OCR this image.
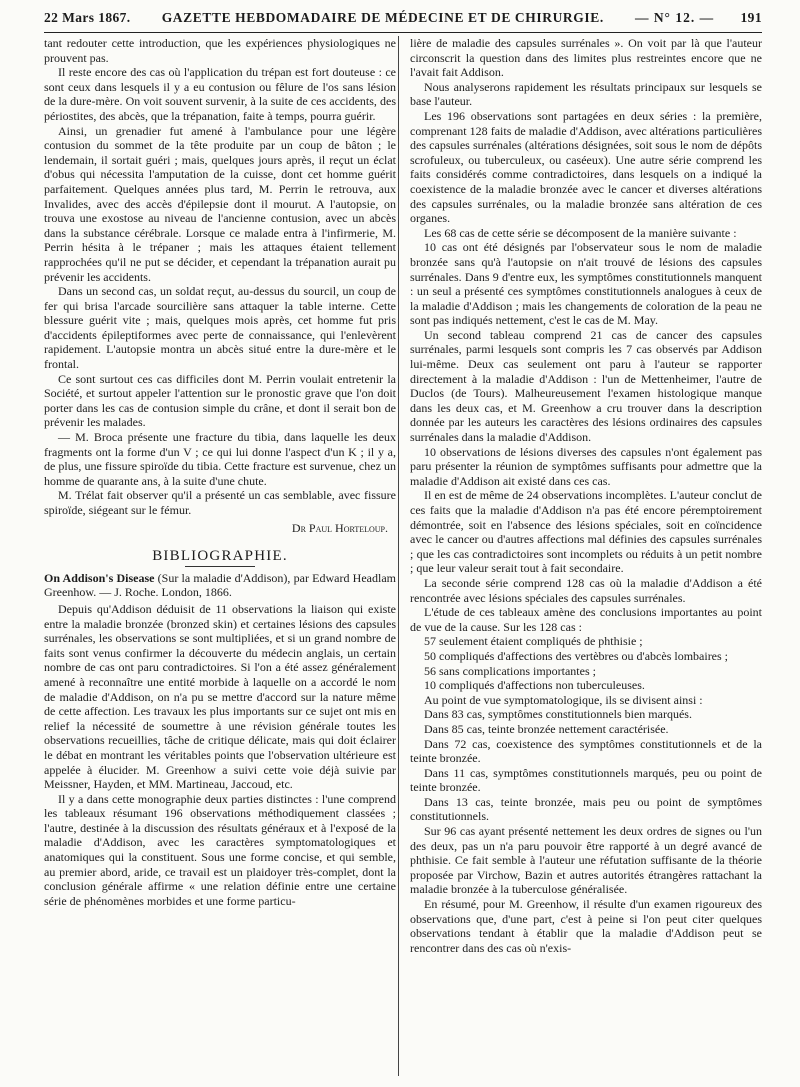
22 Mars 1867. GAZETTE HEBDOMADAIRE DE MÉDECINE ET DE CHIRURGIE. — N° 12. — 191

tant redouter cette introduction, que les expériences physiologiques ne prouvent pas.

Il reste encore des cas où l'application du trépan est fort douteuse : ce sont ceux dans lesquels il y a eu contusion ou fêlure de l'os sans lésion de la dure-mère. On voit souvent survenir, à la suite de ces accidents, des périostites, des abcès, que la trépanation, faite à temps, pourra guérir.

Ainsi, un grenadier fut amené à l'ambulance pour une légère contusion du sommet de la tête produite par un coup de bâton ; le lendemain, il sortait guéri ; mais, quelques jours après, il reçut un éclat d'obus qui nécessita l'amputation de la cuisse, dont cet homme guérit parfaitement. Quelques années plus tard, M. Perrin le retrouva, aux Invalides, avec des accès d'épilepsie dont il mourut. A l'autopsie, on trouva une exostose au niveau de l'ancienne contusion, avec un abcès dans la substance cérébrale. Lorsque ce malade entra à l'infirmerie, M. Perrin hésita à le trépaner ; mais les attaques étaient tellement rapprochées qu'il ne put se décider, et cependant la trépanation aurait pu prévenir les accidents.

Dans un second cas, un soldat reçut, au-dessus du sourcil, un coup de fer qui brisa l'arcade sourcilière sans attaquer la table interne. Cette blessure guérit vite ; mais, quelques mois après, cet homme fut pris d'accidents épileptiformes avec perte de connaissance, qui l'enlevèrent rapidement. L'autopsie montra un abcès situé entre la dure-mère et le frontal.

Ce sont surtout ces cas difficiles dont M. Perrin voulait entretenir la Société, et surtout appeler l'attention sur le pronostic grave que l'on doit porter dans les cas de contusion simple du crâne, et dont il serait bon de prévenir les malades.

— M. Broca présente une fracture du tibia, dans laquelle les deux fragments ont la forme d'un V ; ce qui lui donne l'aspect d'un K ; il y a, de plus, une fissure spiroïde du tibia. Cette fracture est survenue, chez un homme de quarante ans, à la suite d'une chute.

M. Trélat fait observer qu'il a présenté un cas semblable, avec fissure spiroïde, siégeant sur le fémur.

Dr Paul Horteloup.
BIBLIOGRAPHIE.

On Addison's Disease (Sur la maladie d'Addison), par Edward Headlam Greenhow. — J. Roche. London, 1866.

Depuis qu'Addison déduisit de 11 observations la liaison qui existe entre la maladie bronzée (bronzed skin) et certaines lésions des capsules surrénales, les observations se sont multipliées, et si un grand nombre de faits sont venus confirmer la découverte du médecin anglais, un certain nombre de cas ont paru contradictoires. Si l'on a été assez généralement amené à reconnaître une entité morbide à laquelle on a accordé le nom de maladie d'Addison, on n'a pu se mettre d'accord sur la nature même de cette affection. Les travaux les plus importants sur ce sujet ont mis en relief la nécessité de soumettre à une révision générale toutes les observations recueillies, tâche de critique délicate, mais qui doit éclairer le débat en montrant les véritables points que l'observation ultérieure est appelée à élucider. M. Greenhow a suivi cette voie déjà suivie par Meissner, Hayden, et MM. Martineau, Jaccoud, etc.

Il y a dans cette monographie deux parties distinctes : l'une comprend les tableaux résumant 196 observations méthodiquement classées ; l'autre, destinée à la discussion des résultats généraux et à l'exposé de la maladie d'Addison, avec les caractères symptomatologiques et anatomiques qui la constituent. Sous une forme concise, et qui semble, au premier abord, aride, ce travail est un plaidoyer très-complet, dont la conclusion générale affirme « une relation définie entre une certaine série de phénomènes morbides et une forme particu-

lière de maladie des capsules surrénales ». On voit par là que l'auteur circonscrit la question dans des limites plus restreintes encore que ne l'avait fait Addison.

Nous analyserons rapidement les résultats principaux sur lesquels se base l'auteur.

Les 196 observations sont partagées en deux séries : la première, comprenant 128 faits de maladie d'Addison, avec altérations particulières des capsules surrénales (altérations désignées, soit sous le nom de dépôts scrofuleux, ou tuberculeux, ou caséeux). Une autre série comprend les faits considérés comme contradictoires, dans lesquels on a indiqué la coexistence de la maladie bronzée avec le cancer et diverses altérations des capsules surrénales, ou la maladie bronzée sans altération de ces organes.

Les 68 cas de cette série se décomposent de la manière suivante :

10 cas ont été désignés par l'observateur sous le nom de maladie bronzée sans qu'à l'autopsie on n'ait trouvé de lésions des capsules surrénales. Dans 9 d'entre eux, les symptômes constitutionnels manquent : un seul a présenté ces symptômes constitutionnels analogues à ceux de la maladie d'Addison ; mais les changements de coloration de la peau ne sont pas indiqués nettement, c'est le cas de M. May.

Un second tableau comprend 21 cas de cancer des capsules surrénales, parmi lesquels sont compris les 7 cas observés par Addison lui-même. Deux cas seulement ont paru à l'auteur se rapporter directement à la maladie d'Addison : l'un de Mettenheimer, l'autre de Duclos (de Tours). Malheureusement l'examen histologique manque dans les deux cas, et M. Greenhow a cru trouver dans la description donnée par les auteurs les caractères des lésions ordinaires des capsules surrénales dans la maladie d'Addison.

10 observations de lésions diverses des capsules n'ont également pas paru présenter la réunion de symptômes suffisants pour admettre que la maladie d'Addison ait existé dans ces cas.

Il en est de même de 24 observations incomplètes. L'auteur conclut de ces faits que la maladie d'Addison n'a pas été encore péremptoirement démontrée, soit en l'absence des lésions spéciales, soit en coïncidence avec le cancer ou d'autres affections mal définies des capsules surrénales ; que les cas contradictoires sont incomplets ou réduits à un petit nombre ; que leur valeur serait tout à fait secondaire.

La seconde série comprend 128 cas où la maladie d'Addison a été rencontrée avec lésions spéciales des capsules surrénales.

L'étude de ces tableaux amène des conclusions importantes au point de vue de la cause. Sur les 128 cas :

57 seulement étaient compliqués de phthisie ;

50 compliqués d'affections des vertèbres ou d'abcès lombaires ;

56 sans complications importantes ;

10 compliqués d'affections non tuberculeuses.

Au point de vue symptomatologique, ils se divisent ainsi :

Dans 83 cas, symptômes constitutionnels bien marqués.

Dans 85 cas, teinte bronzée nettement caractérisée.

Dans 72 cas, coexistence des symptômes constitutionnels et de la teinte bronzée.

Dans 11 cas, symptômes constitutionnels marqués, peu ou point de teinte bronzée.

Dans 13 cas, teinte bronzée, mais peu ou point de symptômes constitutionnels.

Sur 96 cas ayant présenté nettement les deux ordres de signes ou l'un des deux, pas un n'a paru pouvoir être rapporté à un degré avancé de phthisie. Ce fait semble à l'auteur une réfutation suffisante de la théorie proposée par Virchow, Bazin et autres autorités étrangères rattachant la maladie bronzée à la tuberculose généralisée.

En résumé, pour M. Greenhow, il résulte d'un examen rigoureux des observations que, d'une part, c'est à peine si l'on peut citer quelques observations tendant à établir que la maladie d'Addison peut se rencontrer dans des cas où n'exis-
